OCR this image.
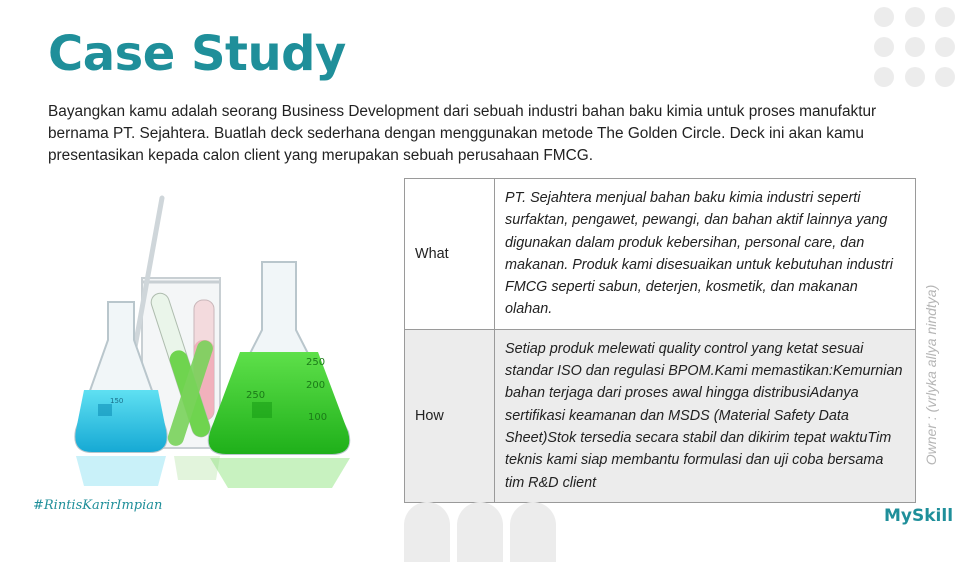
Case Study
Bayangkan kamu adalah seorang Business Development dari sebuah industri bahan baku kimia untuk proses manufaktur bernama PT. Sejahtera. Buatlah deck sederhana dengan menggunakan metode The Golden Circle. Deck ini akan kamu presentasikan kepada calon client yang merupakan sebuah perusahaan FMCG.
150
250
200
250
100
What	PT. Sejahtera menjual bahan baku kimia industri seperti surfaktan, pengawet, pewangi, dan bahan aktif lainnya yang digunakan dalam produk kebersihan, personal care, dan makanan. Produk kami disesuaikan untuk kebutuhan industri FMCG seperti sabun, deterjen, kosmetik, dan makanan olahan.
How	Setiap produk melewati quality control yang ketat sesuai standar ISO dan regulasi BPOM.Kami memastikan:Kemurnian bahan terjaga dari proses awal hingga distribusiAdanya sertifikasi keamanan dan MSDS (Material Safety Data Sheet)Stok tersedia secara stabil dan dikirim tepat waktuTim teknis kami siap membantu formulasi dan uji coba bersama tim R&D client
Owner : (vrlyka allya nindtya)
#RintisKarirImpian
MySkill
